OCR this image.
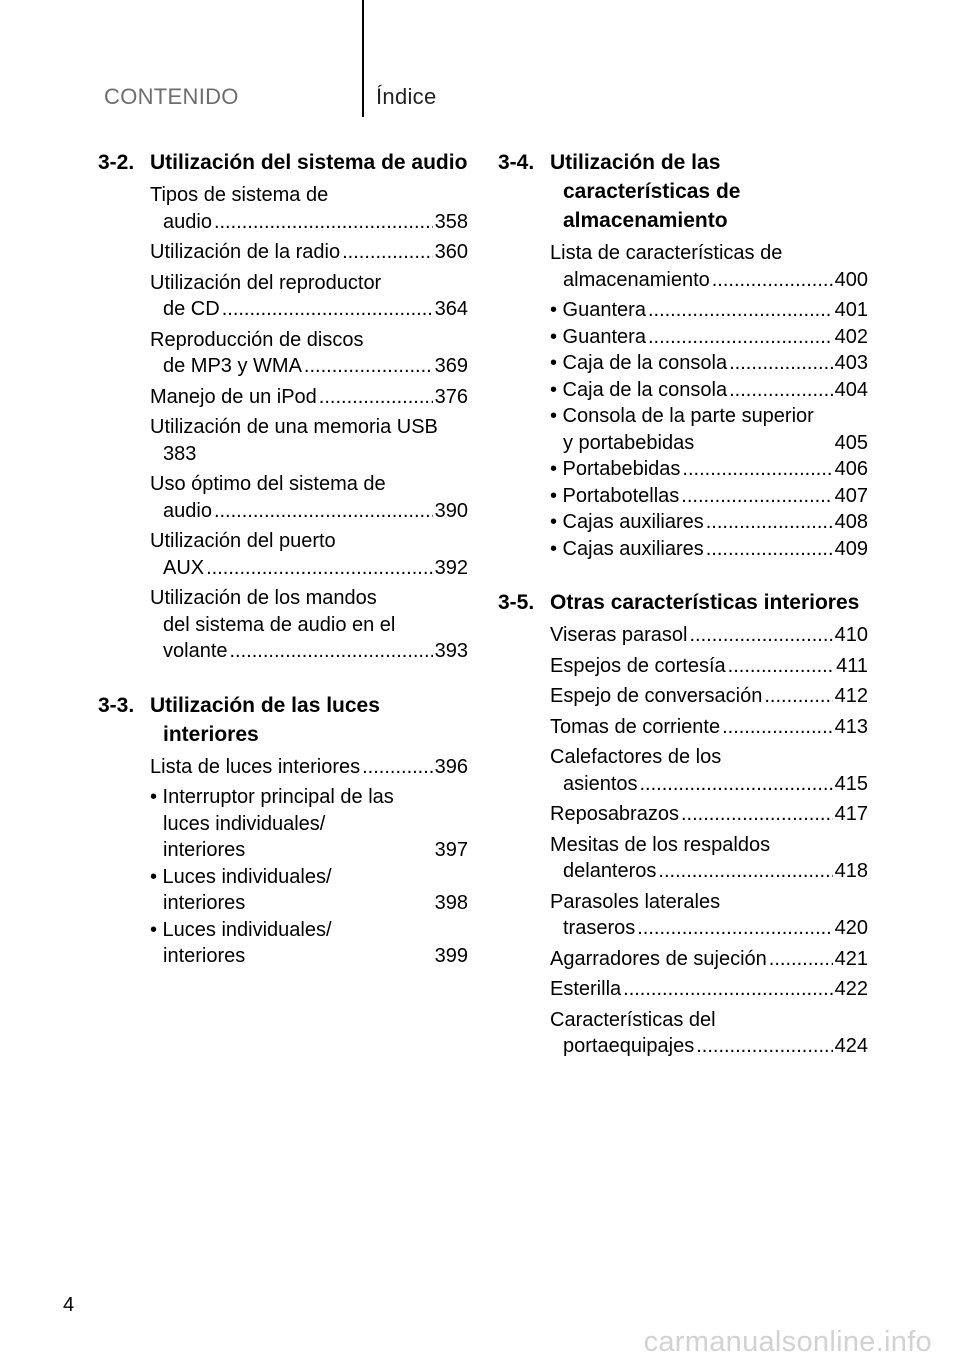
CONTENIDO	Índice
3-2. Utilización del sistema de audio
Tipos de sistema de
audio .....	358
Utilización de la radio .....	360
Utilización del reproductor
de CD .....	364
Reproducción de discos
de MP3 y WMA .....	369
Manejo de un iPod .....	376
Utilización de una memoria USB
383
Uso óptimo del sistema de
audio .....	390
Utilización del puerto
AUX .....	392
Utilización de los mandos
del sistema de audio en el
volante .....	393
3-3. Utilización de las luces interiores
Lista de luces interiores .....	396
• Interruptor principal de las
luces individuales/
interiores	397
• Luces individuales/
interiores	398
• Luces individuales/
interiores	399
3-4. Utilización de las características de almacenamiento
Lista de características de
almacenamiento .....	400
• Guantera .....	401
• Guantera .....	402
• Caja de la consola .....	403
• Caja de la consola .....	404
• Consola de la parte superior
y portabebidas	405
• Portabebidas .....	406
• Portabotellas .....	407
• Cajas auxiliares .....	408
• Cajas auxiliares .....	409
3-5. Otras características interiores
Viseras parasol .....	410
Espejos de cortesía .....	411
Espejo de conversación .....	412
Tomas de corriente .....	413
Calefactores de los
asientos .....	415
Reposabrazos .....	417
Mesitas de los respaldos
delanteros .....	418
Parasoles laterales
traseros .....	420
Agarradores de sujeción .....	421
Esterilla .....	422
Características del
portaequipajes .....	424
4
carmanualsonline.info
